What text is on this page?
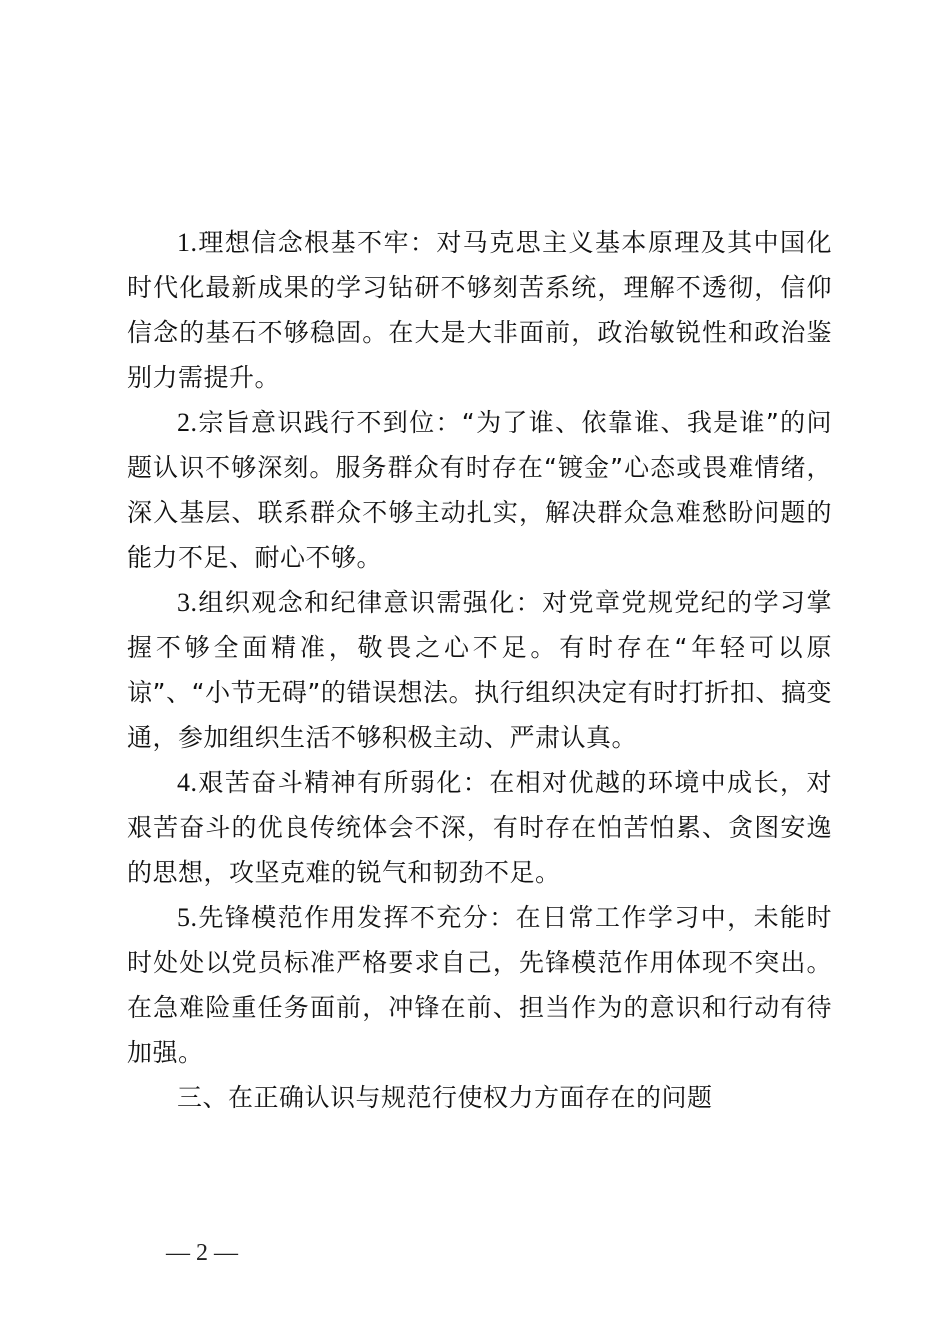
1.理想信念根基不牢：对马克思主义基本原理及其中国化时代化最新成果的学习钻研不够刻苦系统，理解不透彻，信仰信念的基石不够稳固。在大是大非面前，政治敏锐性和政治鉴别力需提升。

2.宗旨意识践行不到位：“为了谁、依靠谁、我是谁”的问题认识不够深刻。服务群众有时存在“镀金”心态或畏难情绪，深入基层、联系群众不够主动扎实，解决群众急难愁盼问题的能力不足、耐心不够。

3.组织观念和纪律意识需强化：对党章党规党纪的学习掌握不够全面精准，敬畏之心不足。有时存在“年轻可以原谅”、“小节无碍”的错误想法。执行组织决定有时打折扣、搞变通，参加组织生活不够积极主动、严肃认真。

4.艰苦奋斗精神有所弱化：在相对优越的环境中成长，对艰苦奋斗的优良传统体会不深，有时存在怕苦怕累、贪图安逸的思想，攻坚克难的锐气和韧劲不足。

5.先锋模范作用发挥不充分：在日常工作学习中，未能时时处处以党员标准严格要求自己，先锋模范作用体现不突出。在急难险重任务面前，冲锋在前、担当作为的意识和行动有待加强。

三、在正确认识与规范行使权力方面存在的问题

— 2 —
